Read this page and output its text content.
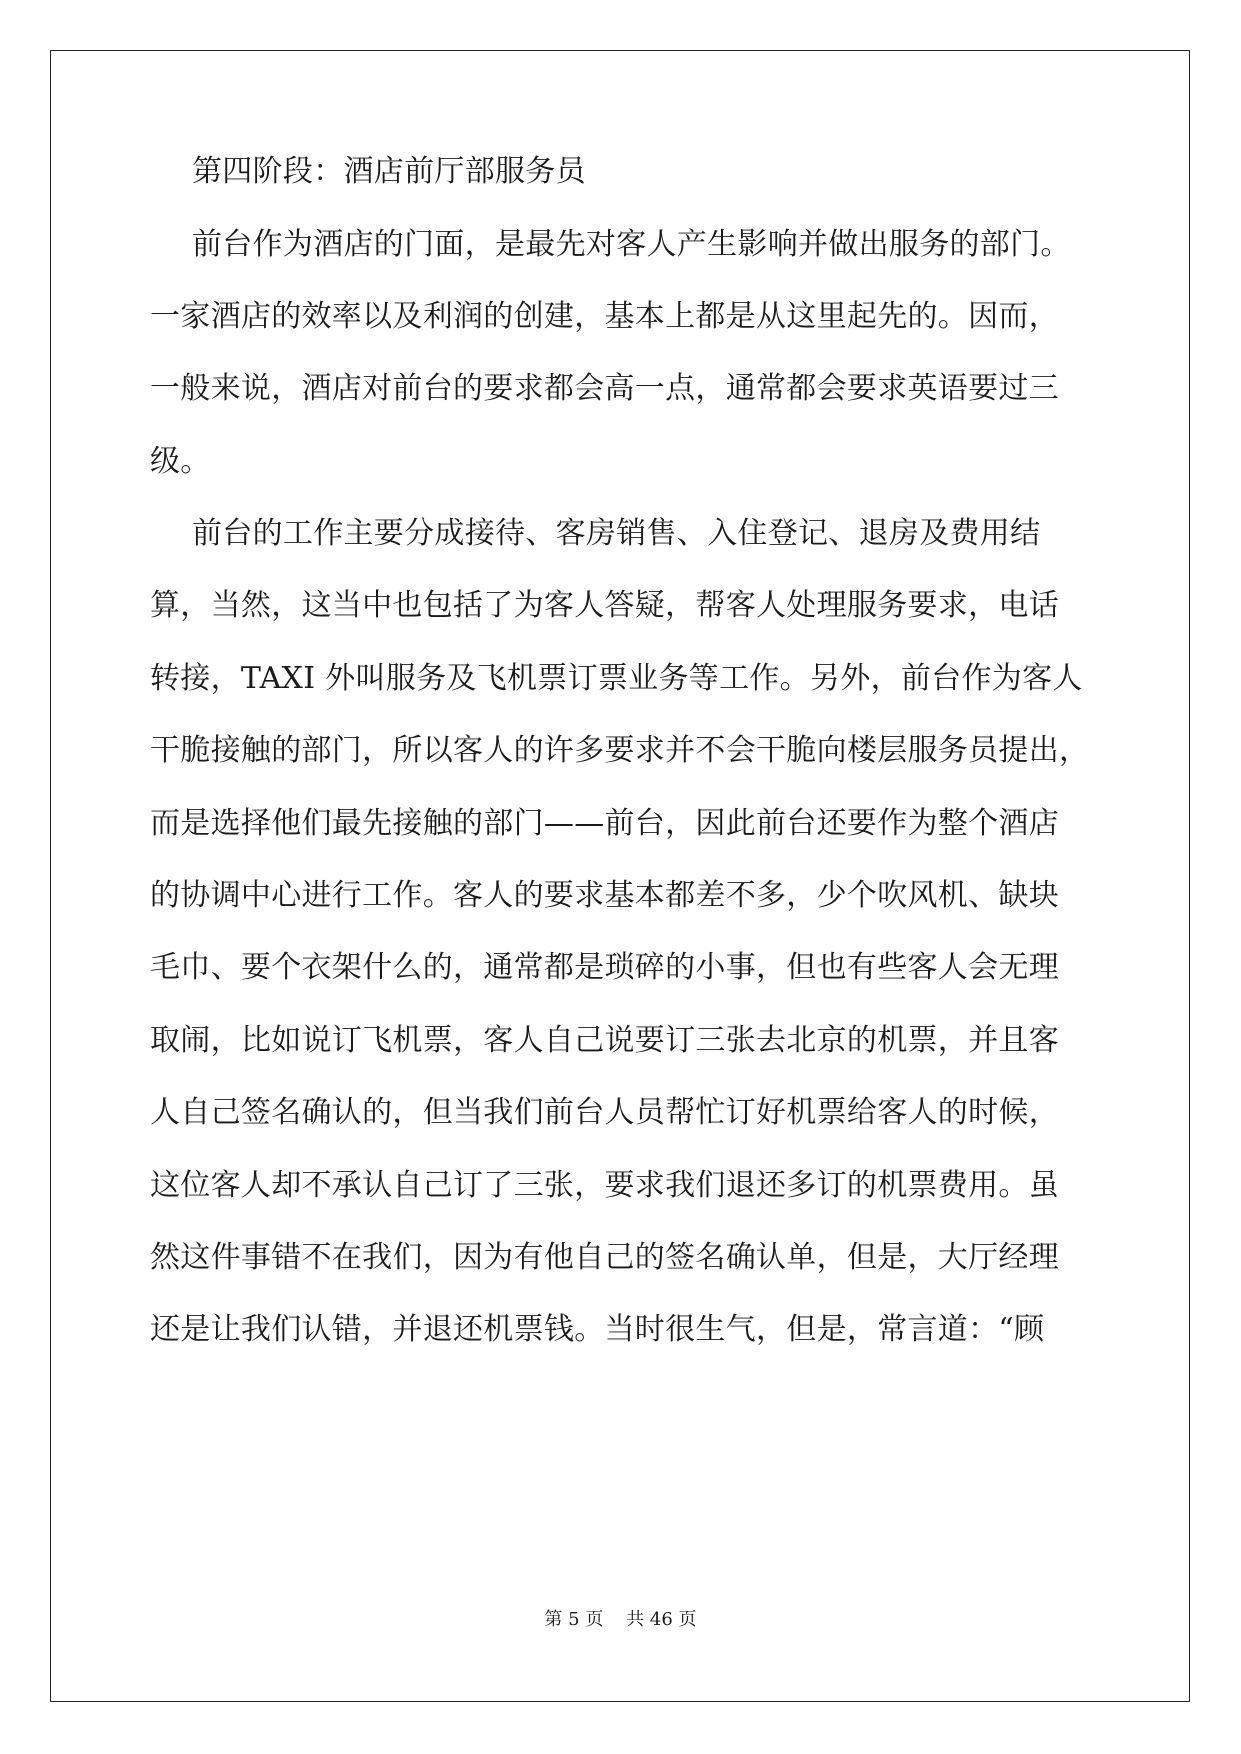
第四阶段：酒店前厅部服务员
前台作为酒店的门面，是最先对客人产生影响并做出服务的部门。
一家酒店的效率以及利润的创建，基本上都是从这里起先的。因而，
一般来说，酒店对前台的要求都会高一点，通常都会要求英语要过三
级。
前台的工作主要分成接待、客房销售、入住登记、退房及费用结
算，当然，这当中也包括了为客人答疑，帮客人处理服务要求，电话
转接，TAXI 外叫服务及飞机票订票业务等工作。另外，前台作为客人
干脆接触的部门，所以客人的许多要求并不会干脆向楼层服务员提出，
而是选择他们最先接触的部门——前台，因此前台还要作为整个酒店
的协调中心进行工作。客人的要求基本都差不多，少个吹风机、缺块
毛巾、要个衣架什么的，通常都是琐碎的小事，但也有些客人会无理
取闹，比如说订飞机票，客人自己说要订三张去北京的机票，并且客
人自己签名确认的，但当我们前台人员帮忙订好机票给客人的时候，
这位客人却不承认自己订了三张，要求我们退还多订的机票费用。虽
然这件事错不在我们，因为有他自己的签名确认单，但是，大厅经理
还是让我们认错，并退还机票钱。当时很生气，但是，常言道：“顾
第 5 页    共 46 页
